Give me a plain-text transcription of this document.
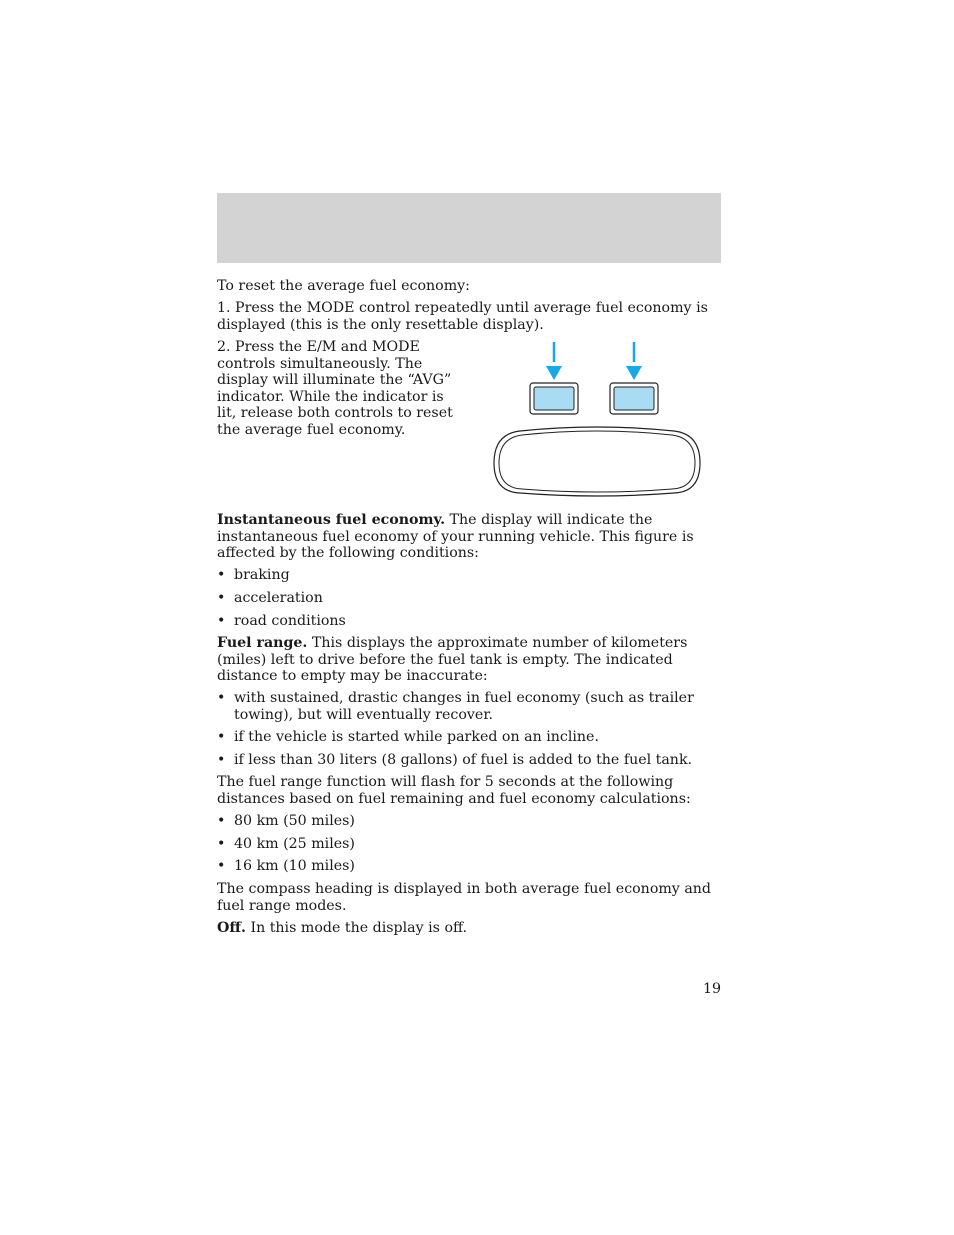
To reset the average fuel economy:

1. Press the MODE control repeatedly until average fuel economy is displayed (this is the only resettable display).

2. Press the E/M and MODE controls simultaneously. The display will illuminate the “AVG” indicator. While the indicator is lit, release both controls to reset the average fuel economy.

Instantaneous fuel economy. The display will indicate the instantaneous fuel economy of your running vehicle. This figure is affected by the following conditions:

• braking
• acceleration
• road conditions

Fuel range. This displays the approximate number of kilometers (miles) left to drive before the fuel tank is empty. The indicated distance to empty may be inaccurate:

• with sustained, drastic changes in fuel economy (such as trailer towing), but will eventually recover.
• if the vehicle is started while parked on an incline.
• if less than 30 liters (8 gallons) of fuel is added to the fuel tank.

The fuel range function will flash for 5 seconds at the following distances based on fuel remaining and fuel economy calculations:

• 80 km (50 miles)
• 40 km (25 miles)
• 16 km (10 miles)

The compass heading is displayed in both average fuel economy and fuel range modes.

Off. In this mode the display is off.

19
